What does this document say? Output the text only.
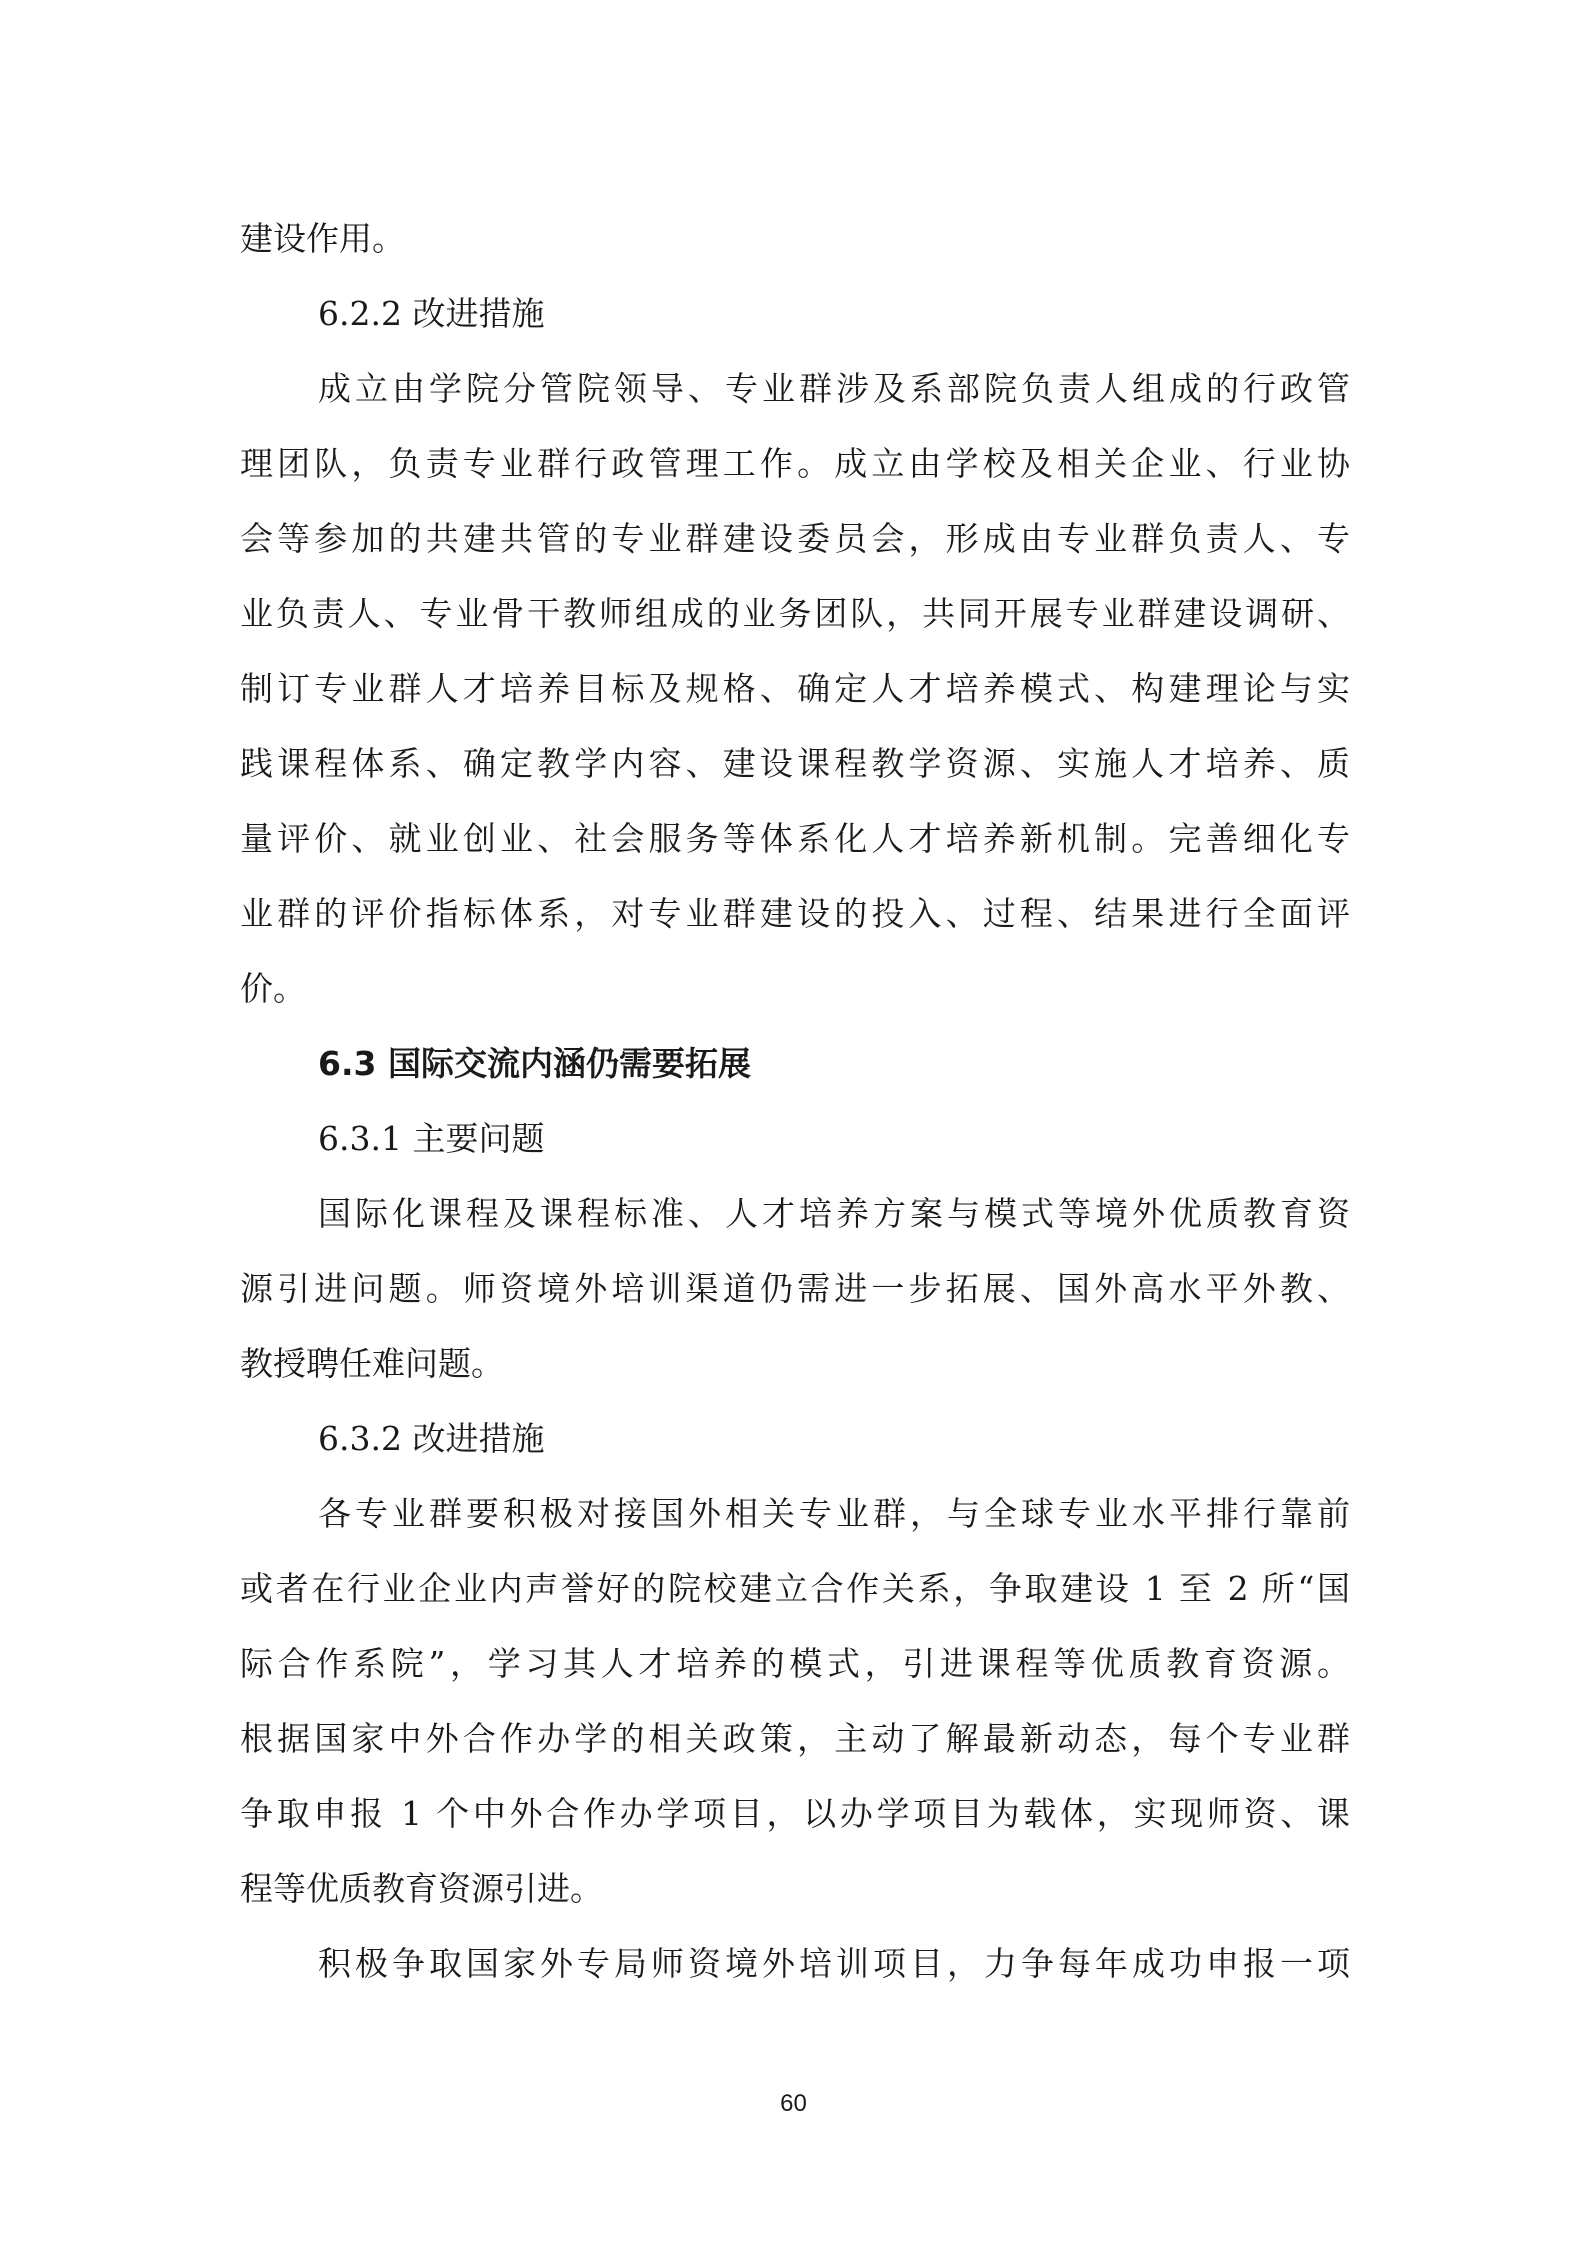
建设作用。
6.2.2 改进措施
成立由学院分管院领导、专业群涉及系部院负责人组成的行政管
理团队，负责专业群行政管理工作。成立由学校及相关企业、行业协
会等参加的共建共管的专业群建设委员会，形成由专业群负责人、专
业负责人、专业骨干教师组成的业务团队，共同开展专业群建设调研、
制订专业群人才培养目标及规格、确定人才培养模式、构建理论与实
践课程体系、确定教学内容、建设课程教学资源、实施人才培养、质
量评价、就业创业、社会服务等体系化人才培养新机制。完善细化专
业群的评价指标体系，对专业群建设的投入、过程、结果进行全面评
价。
6.3 国际交流内涵仍需要拓展
6.3.1 主要问题
国际化课程及课程标准、人才培养方案与模式等境外优质教育资
源引进问题。师资境外培训渠道仍需进一步拓展、国外高水平外教、
教授聘任难问题。
6.3.2 改进措施
各专业群要积极对接国外相关专业群，与全球专业水平排行靠前
或者在行业企业内声誉好的院校建立合作关系，争取建设 1 至 2 所“国
际合作系院”，学习其人才培养的模式，引进课程等优质教育资源。
根据国家中外合作办学的相关政策，主动了解最新动态，每个专业群
争取申报 1 个中外合作办学项目，以办学项目为载体，实现师资、课
程等优质教育资源引进。
积极争取国家外专局师资境外培训项目，力争每年成功申报一项
60
